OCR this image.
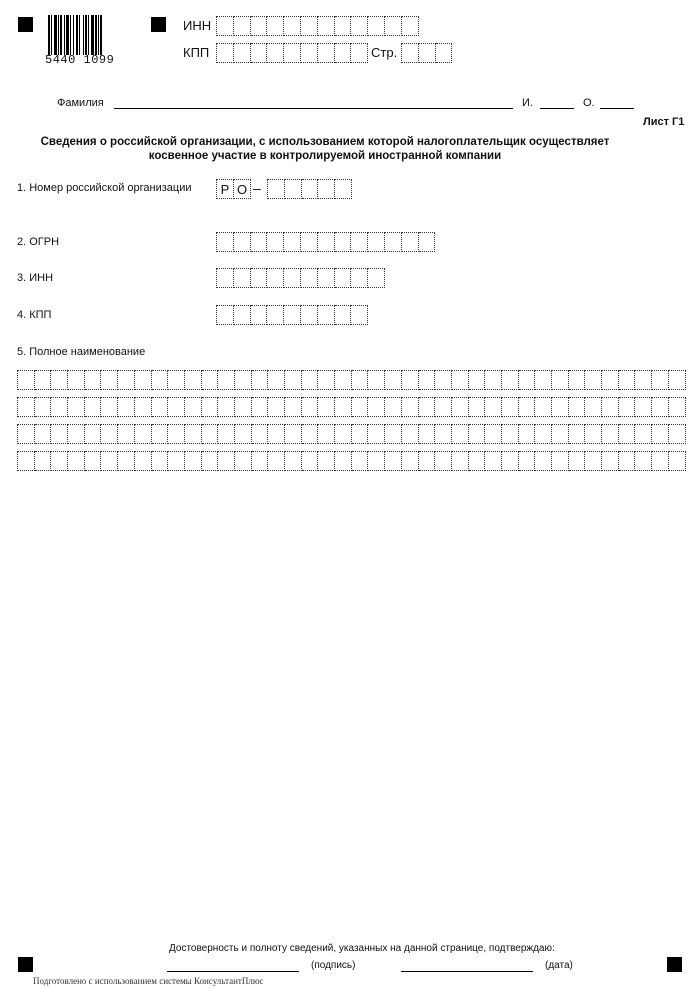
5440 1099
ИНН
КПП	Стр.
Фамилия	И.	О.
Лист Г1
Сведения о российской организации, с использованием которой налогоплательщик осуществляет
косвенное участие в контролируемой иностранной компании
1. Номер российской организации Р О –
2. ОГРН
3. ИНН
4. КПП
5. Полное наименование
Достоверность и полноту сведений, указанных на данной странице, подтверждаю:
(подпись)	(дата)
Подготовлено с использованием системы КонсультантПлюс
